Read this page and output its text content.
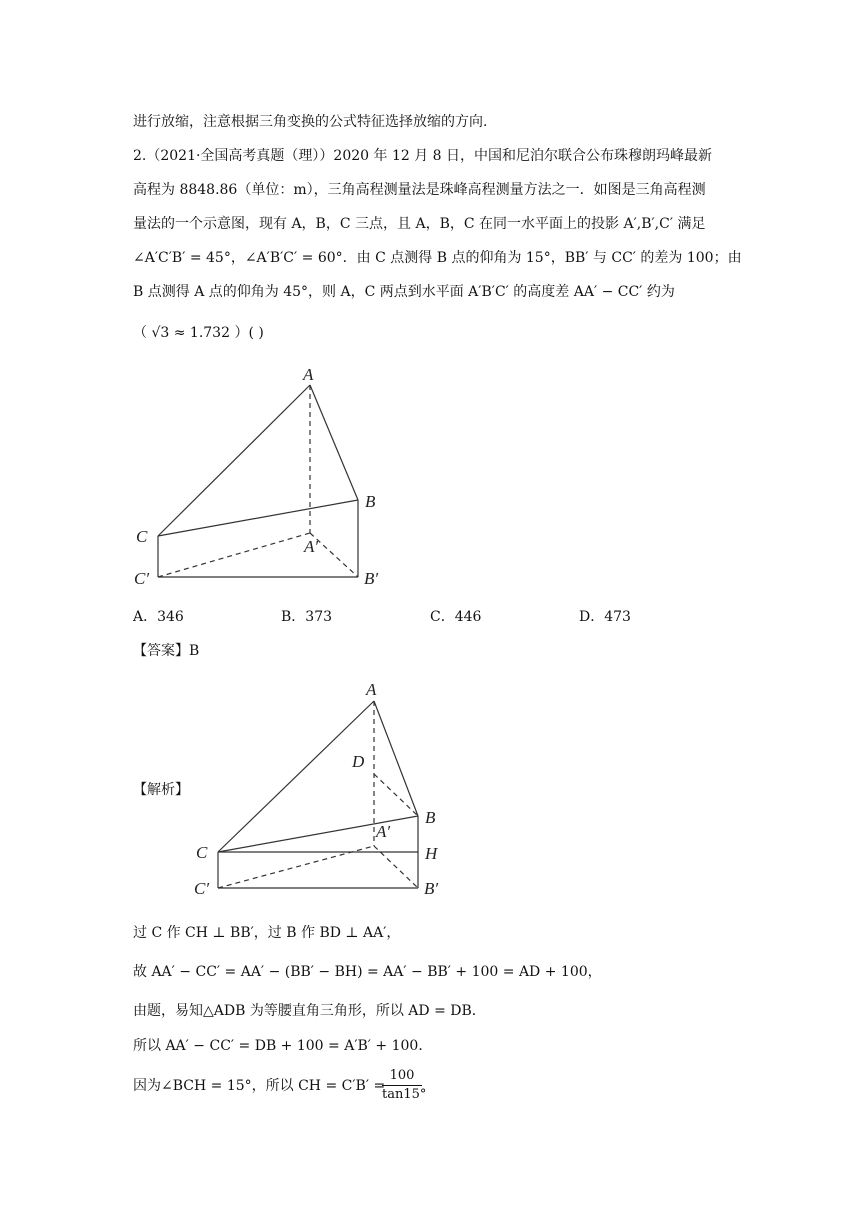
进行放缩，注意根据三角变换的公式特征选择放缩的方向.
2.（2021·全国高考真题（理））2020 年 12 月 8 日，中国和尼泊尔联合公布珠穆朗玛峰最新
高程为 8848.86（单位：m），三角高程测量法是珠峰高程测量方法之一．如图是三角高程测
量法的一个示意图，现有 A，B，C 三点，且 A，B，C 在同一水平面上的投影 A′,B′,C′ 满足
∠A′C′B′ = 45°，∠A′B′C′ = 60°．由 C 点测得 B 点的仰角为 15°，BB′ 与 CC′ 的差为 100；由
B 点测得 A 点的仰角为 45°，则 A，C 两点到水平面 A′B′C′ 的高度差 AA′ − CC′ 约为
（ √3 ≈ 1.732 ）( )
A
B
C
A′
B′
C′
A．346	B．373	C．446	D．473
【答案】B
【解析】
A
B
C
D
H
A′
B′
C′
过 C 作 CH ⊥ BB′，过 B 作 BD ⊥ AA′，
故 AA′ − CC′ = AA′ − (BB′ − BH) = AA′ − BB′ + 100 = AD + 100，
由题，易知△ADB 为等腰直角三角形，所以 AD = DB．
所以 AA′ − CC′ = DB + 100 = A′B′ + 100．
因为∠BCH = 15°，所以 CH = C′B′ =
100
tan15°
